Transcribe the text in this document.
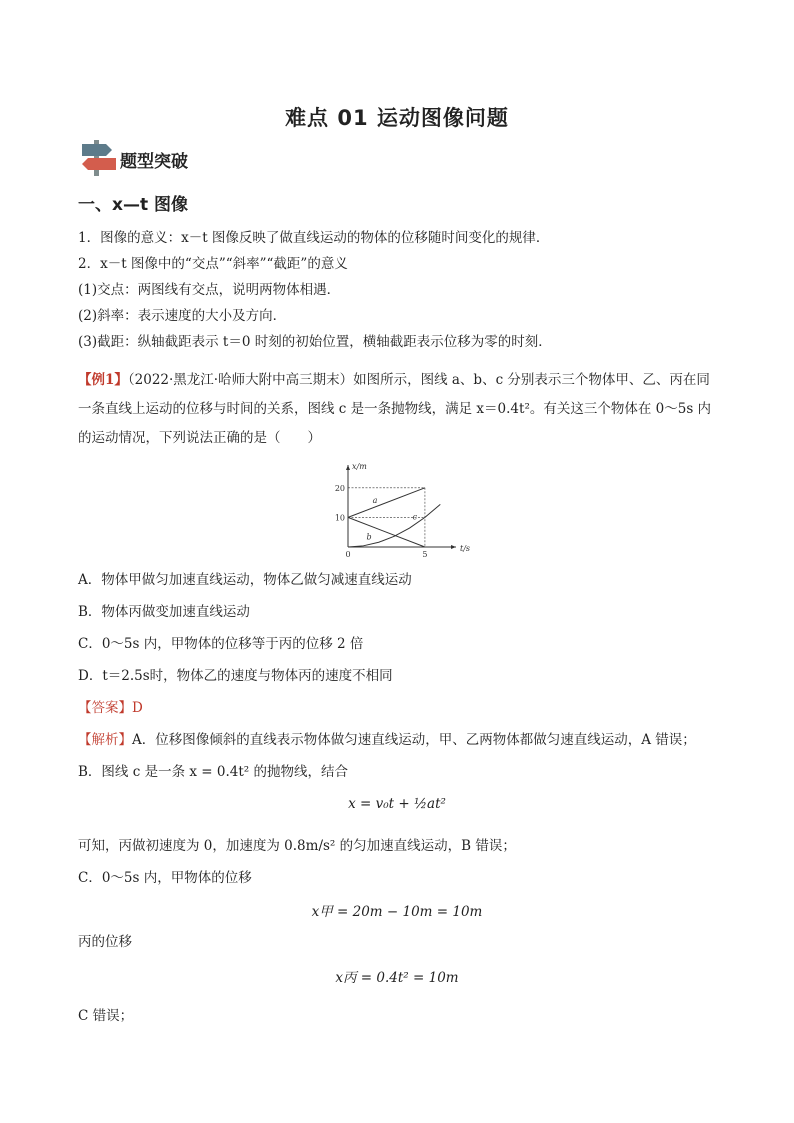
难点 01 运动图像问题
题型突破
一、x—t 图像
1．图像的意义：x－t 图像反映了做直线运动的物体的位移随时间变化的规律．
2．x－t 图像中的“交点”“斜率”“截距”的意义
(1)交点：两图线有交点，说明两物体相遇．
(2)斜率：表示速度的大小及方向．
(3)截距：纵轴截距表示 t＝0 时刻的初始位置，横轴截距表示位移为零的时刻．
【例1】（2022·黑龙江·哈师大附中高三期末）如图所示，图线 a、b、c 分别表示三个物体甲、乙、丙在同一条直线上运动的位移与时间的关系，图线 c 是一条抛物线，满足 x＝0.4t²。有关这三个物体在 0～5s 内的运动情况，下列说法正确的是（　　）
t/s
x/m
10
20
0	5
a
b
c
A．物体甲做匀加速直线运动，物体乙做匀减速直线运动
B．物体丙做变加速直线运动
C．0～5s 内，甲物体的位移等于丙的位移 2 倍
D．t＝2.5s时，物体乙的速度与物体丙的速度不相同
【答案】D
【解析】A．位移图像倾斜的直线表示物体做匀速直线运动，甲、乙两物体都做匀速直线运动，A 错误；
B．图线 c 是一条 x = 0.4t² 的抛物线，结合
x = v₀t + ½at²
可知，丙做初速度为 0，加速度为 0.8m/s² 的匀加速直线运动，B 错误；
C．0～5s 内，甲物体的位移
x甲 = 20m − 10m = 10m
丙的位移
x丙 = 0.4t² = 10m
C 错误；
